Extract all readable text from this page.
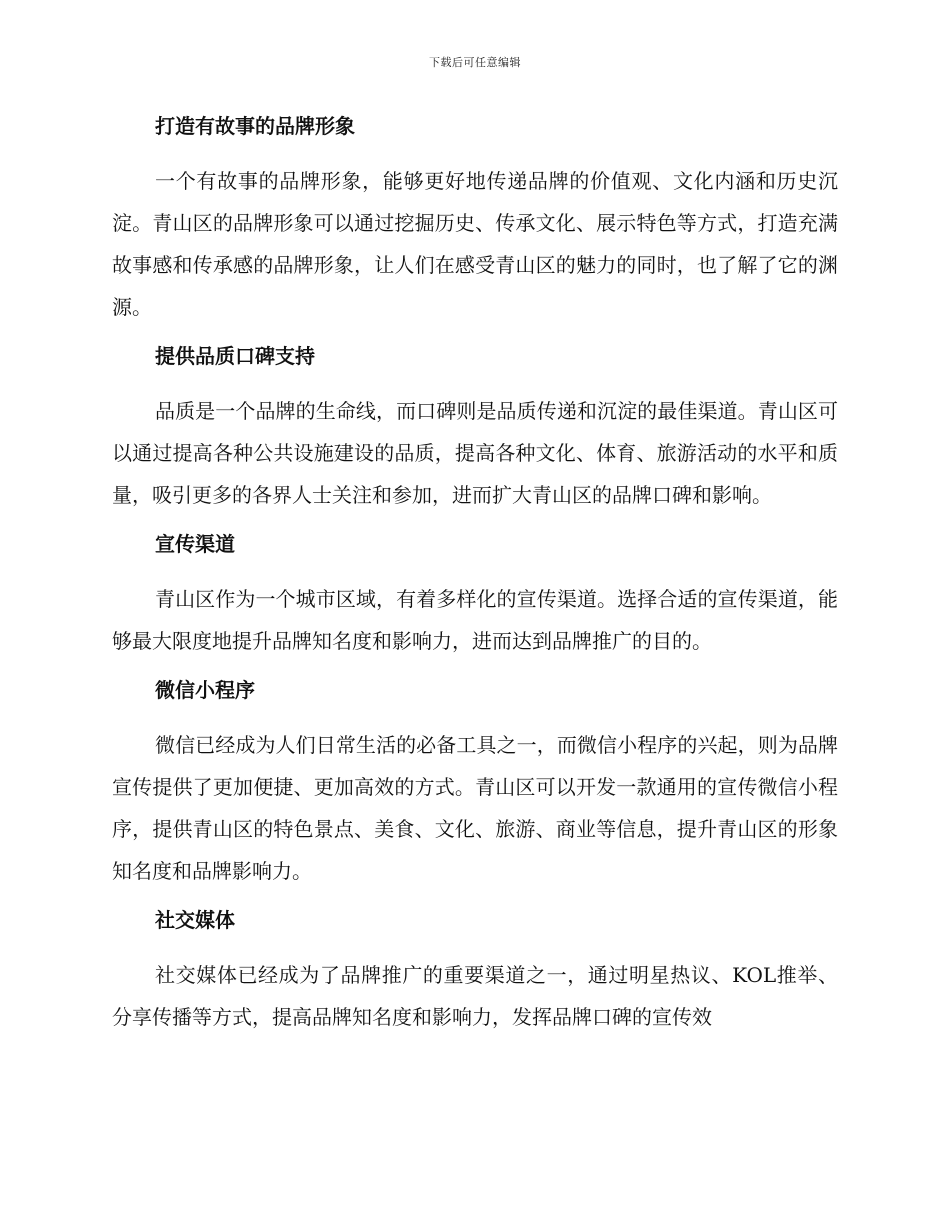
下载后可任意编辑
打造有故事的品牌形象

一个有故事的品牌形象，能够更好地传递品牌的价值观、文化内涵和历史沉淀。青山区的品牌形象可以通过挖掘历史、传承文化、展示特色等方式，打造充满故事感和传承感的品牌形象，让人们在感受青山区的魅力的同时，也了解了它的渊源。

提供品质口碑支持

品质是一个品牌的生命线，而口碑则是品质传递和沉淀的最佳渠道。青山区可以通过提高各种公共设施建设的品质，提高各种文化、体育、旅游活动的水平和质量，吸引更多的各界人士关注和参加，进而扩大青山区的品牌口碑和影响。

宣传渠道

青山区作为一个城市区域，有着多样化的宣传渠道。选择合适的宣传渠道，能够最大限度地提升品牌知名度和影响力，进而达到品牌推广的目的。

微信小程序

微信已经成为人们日常生活的必备工具之一，而微信小程序的兴起，则为品牌宣传提供了更加便捷、更加高效的方式。青山区可以开发一款通用的宣传微信小程序，提供青山区的特色景点、美食、文化、旅游、商业等信息，提升青山区的形象知名度和品牌影响力。

社交媒体

社交媒体已经成为了品牌推广的重要渠道之一，通过明星热议、KOL推举、分享传播等方式，提高品牌知名度和影响力，发挥品牌口碑的宣传效
